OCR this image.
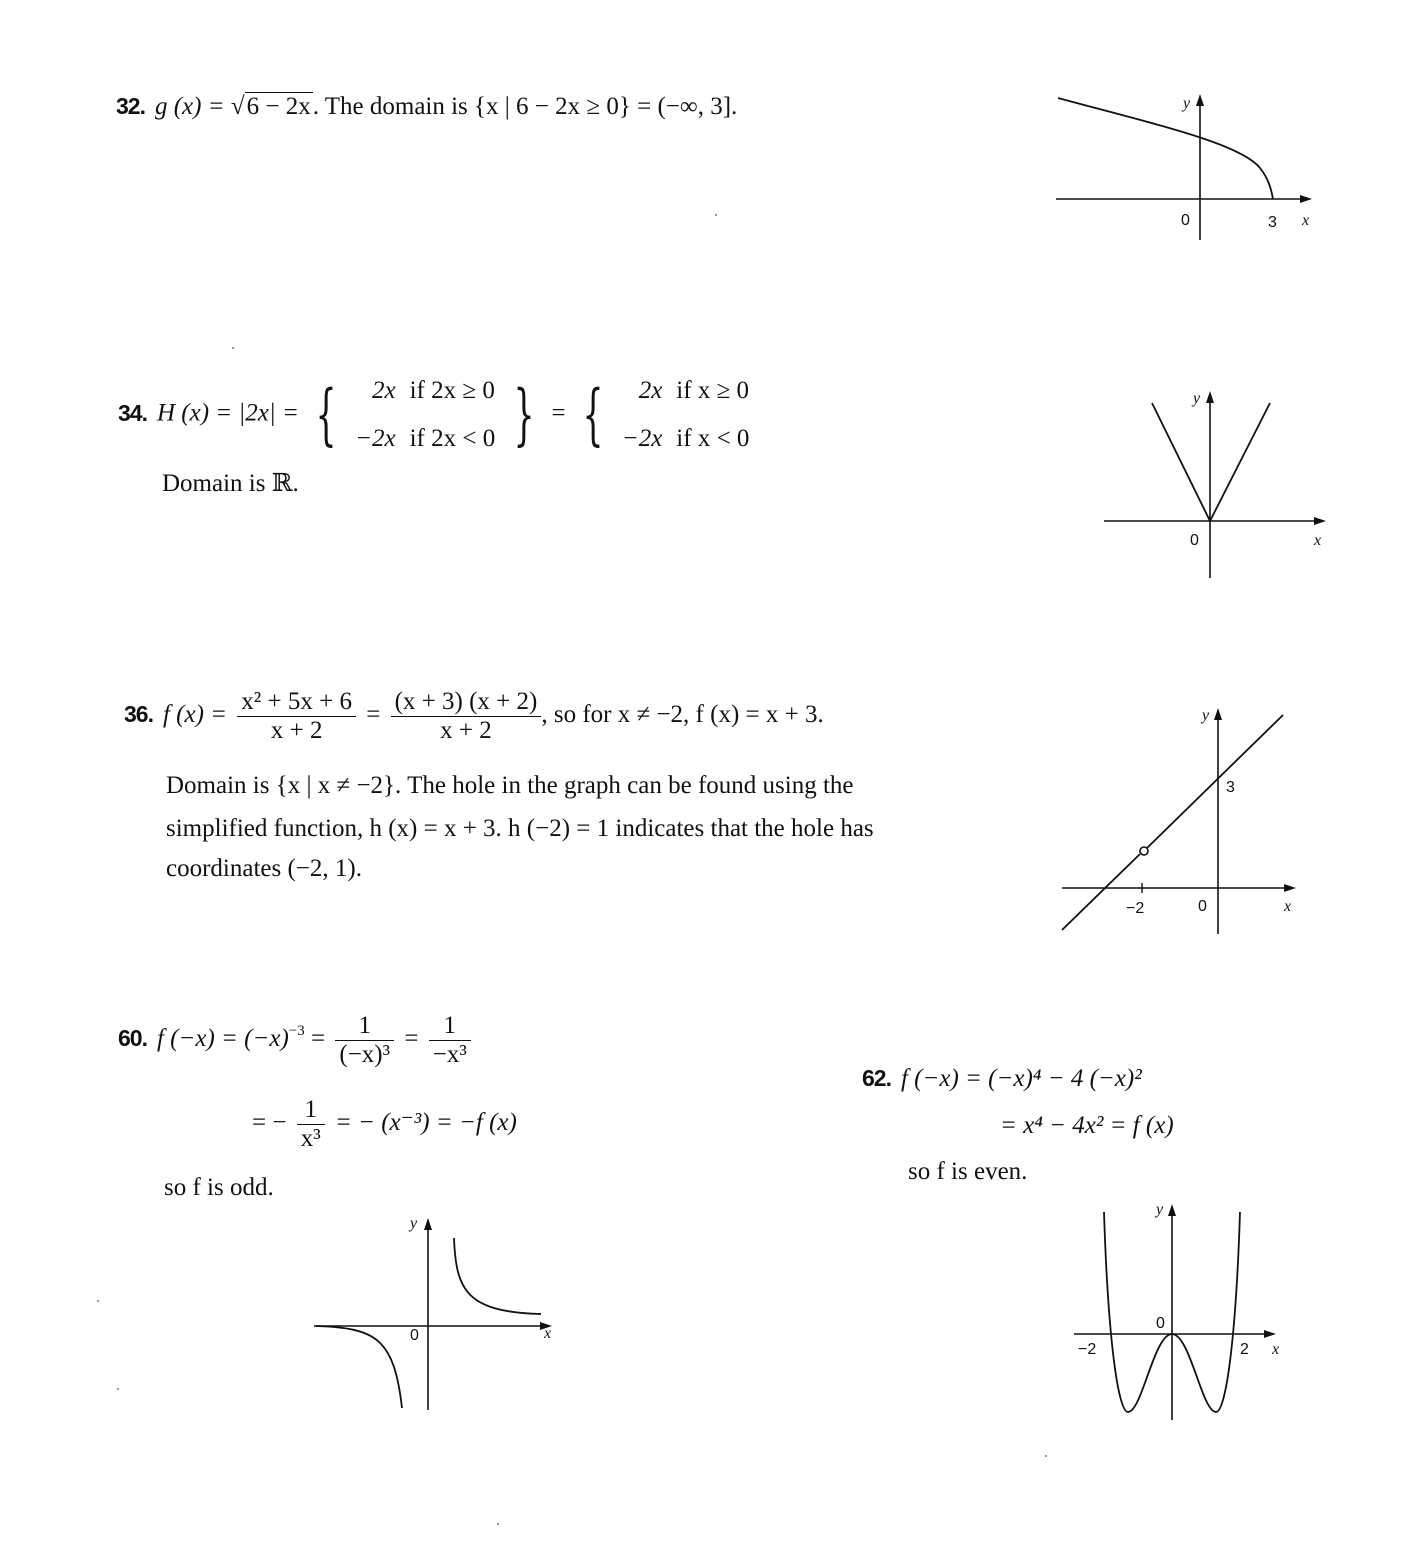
32. g (x) = √6 − 2x. The domain is {x | 6 − 2x ≥ 0} = (−∞, 3].	y
x
0	3
34. H (x) = |2x| = { 2x	if 2x ≥ 0
−2x	if 2x < 0 } = { 2x	if x ≥ 0
−2x	if x < 0
Domain is ℝ.
y
x
0
36. f $(x) = \frac{\text{x² + 5x + 6}}{x + 2} = \frac{(x + 3) (x + 2)}{x + 2}$ , so for x ≠ −2, f (x) = x + 3.
Domain is {x | x ≠ −2}. The hole in the graph can be found using the
simplified function, h (x) = x + 3. h (−2) = 1 indicates that the hole has
coordinates (−2, 1).
y
x
0
−2
3
60. f $(-x) = (-x)^{-3} = \frac{1}{\text{(−x)³}} = \frac{1}{\text{−x³}}$
= − $\frac{1}{\text{x³}}$ = − (x⁻³) = −f (x)
so f is odd.
y
x
0
62. f (−x) = (−x)⁴ − 4 (−x)²
= x⁴ − 4x² = f (x)
so f is even.
y
x
0
−2	2
